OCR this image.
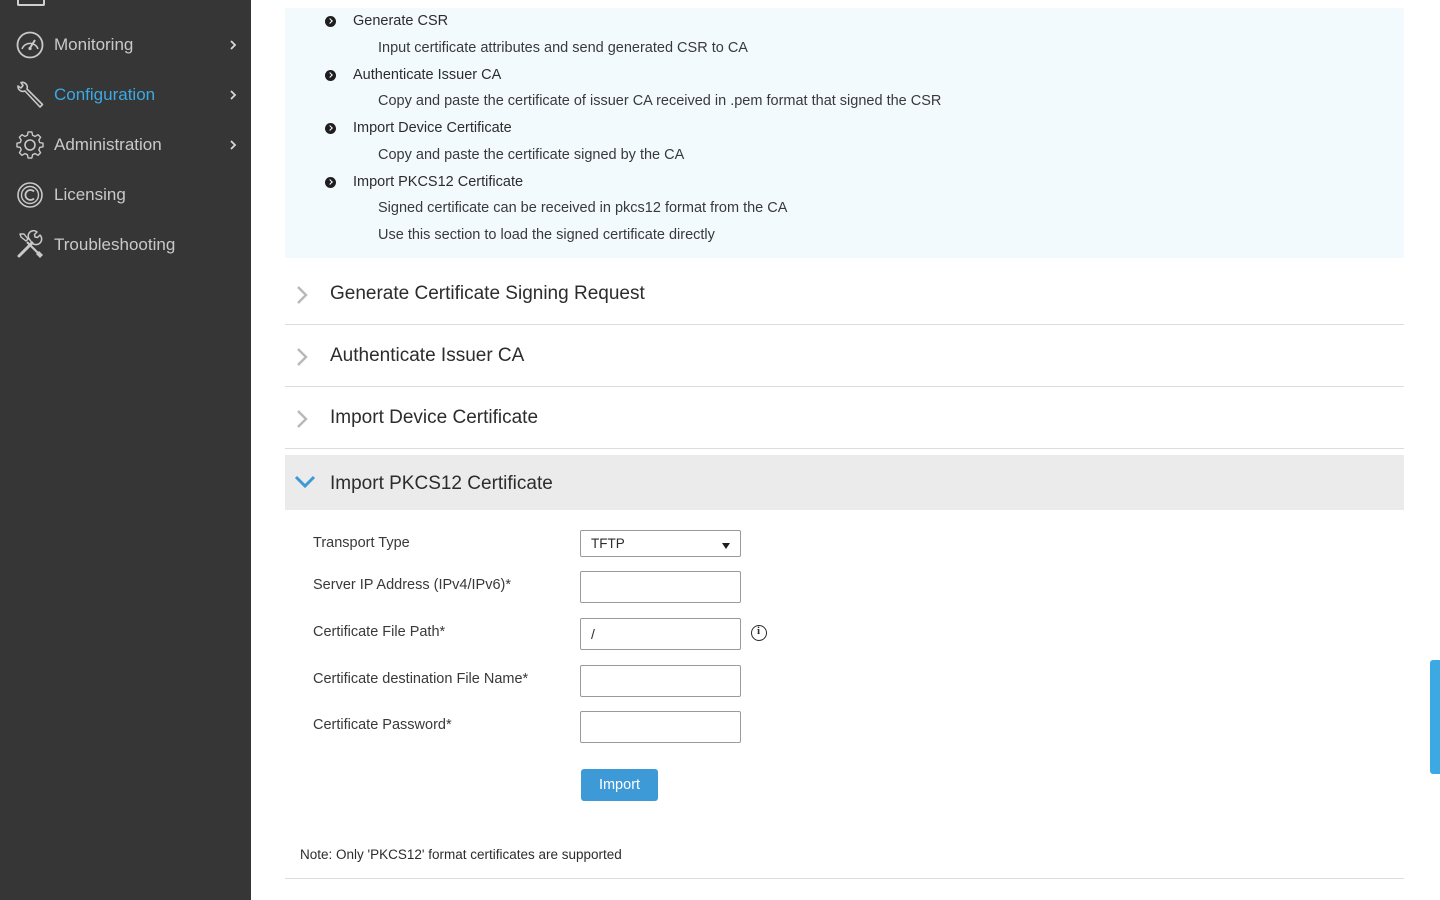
Monitoring
Configuration
Administration
Licensing
Troubleshooting
Generate CSR
Input certificate attributes and send generated CSR to CA
Authenticate Issuer CA
Copy and paste the certificate of issuer CA received in .pem format that signed the CSR
Import Device Certificate
Copy and paste the certificate signed by the CA
Import PKCS12 Certificate
Signed certificate can be received in pkcs12 format from the CA
Use this section to load the signed certificate directly
Generate Certificate Signing Request
Authenticate Issuer CA
Import Device Certificate
Import PKCS12 Certificate
Transport Type	TFTP
Server IP Address (IPv4/IPv6)*
Certificate File Path*
/	i
Certificate destination File Name*
Certificate Password*
Import

Note: Only 'PKCS12' format certificates are supported
